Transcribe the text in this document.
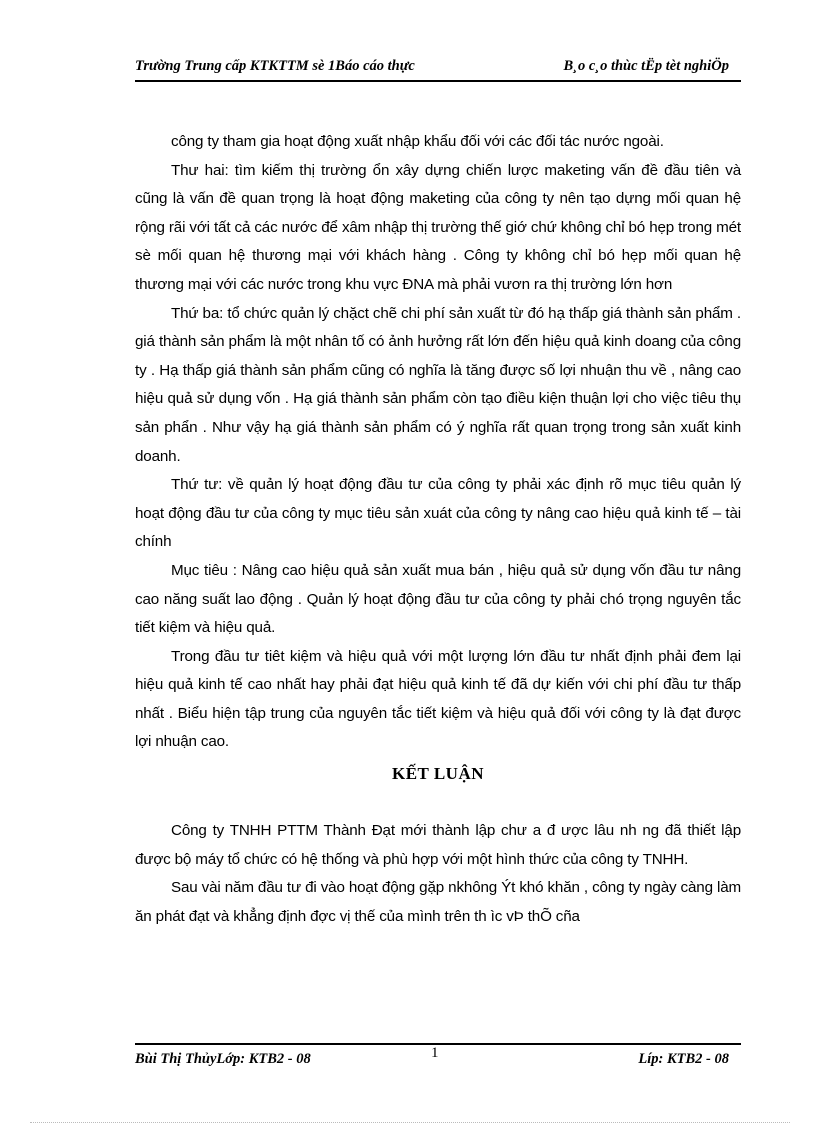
Trường Trung cấp KTKTTM sè 1Báo cáo thực	B¸o c¸o thùc tËp tèt nghiÖp

công ty tham gia hoạt động xuất nhập khẩu đối với các đối tác nước ngoài.

Thư hai: tìm kiếm thị trường ổn xây dựng chiến lược maketing vấn đề đầu tiên và cũng là vấn đề quan trọng là hoạt động maketing của công ty nên tạo dựng mối quan hệ rộng rãi với tất cả các nước để xâm nhập thị trường thế giớ chứ không chỉ bó hẹp trong mét sè mối quan hệ thương mại với khách hàng . Công ty không chỉ bó hẹp mối quan hệ thương mại với các nước trong khu vực ĐNA mà phải vươn ra thị trường lớn hơn

Thứ ba: tổ chức quản lý chặct chẽ chi phí sản xuất từ đó hạ thấp giá thành sản phẩm . giá thành sản phẩm là một nhân tố có ảnh hưởng rất lớn đến hiệu quả kinh doang của công ty . Hạ thấp giá thành sản phẩm cũng có nghĩa là tăng được số lợi nhuận thu về , nâng cao hiệu quả sử dụng vốn . Hạ giá thành sản phẩm còn tạo điều kiện thuận lợi cho việc tiêu thụ sản phẩn . Như vậy hạ giá thành sản phẩm có ý nghĩa rất quan trọng trong sản xuất kinh doanh.

Thứ tư: về quản lý hoạt động đầu tư của công ty phải xác định rõ mục tiêu quản lý hoạt động đầu tư của công ty mục tiêu sản xuát của công ty nâng cao hiệu quả kinh tế – tài chính

Mục tiêu : Nâng cao hiệu quả sản xuất mua bán , hiệu quả sử dụng vốn đầu tư nâng cao năng suất lao động . Quản lý hoạt động đầu tư của công ty phải chó trọng nguyên tắc tiết kiệm và hiệu quả.

Trong đầu tư tiêt kiệm và hiệu quả với một lượng lớn đầu tư nhất định phải đem lại hiệu quả kinh tế cao nhất hay phải đạt hiệu quả kinh tế đã dự kiến với chi phí đầu tư thấp nhất . Biểu hiện tập trung của nguyên tắc tiết kiệm và hiệu quả đối với công ty là đạt được lợi nhuận cao.

KẾT LUẬN

Công ty TNHH PTTM Thành Đạt mới thành lập chư a đ ược lâu nh ng đã thiết lập được bộ máy tổ chức có hệ thống và phù hợp với một hình thức của công ty TNHH.

Sau vài năm đầu tư đi vào hoạt động gặp nkhông Ýt khó khăn , công ty ngày càng làm ăn phát đạt và khẳng định đợc vị thế của mình trên th ìc vÞ thÕ cña

Bùi Thị ThủyLớp: KTB2 - 08	1	Líp: KTB2 - 08
